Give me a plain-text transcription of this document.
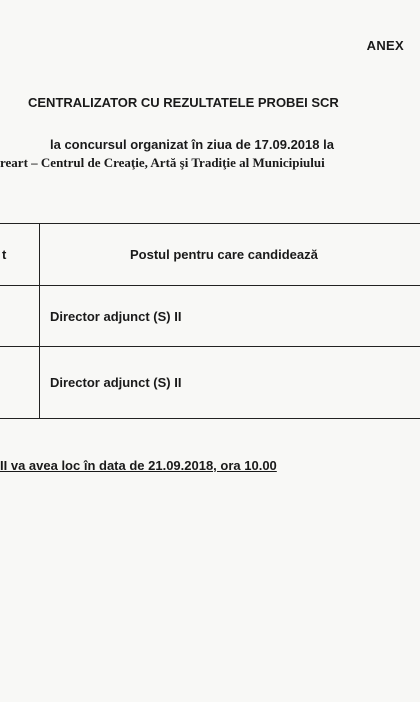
ANEX
CENTRALIZATOR CU REZULTATELE PROBEI SCR
la concursul organizat în ziua de 17.09.2018 la
reart – Centrul de Creaţie, Artă şi Tradiţie al Municipiului
t	Postul pentru care candidează
Director adjunct (S) II
Director adjunct (S) II
II va avea loc în data de 21.09.2018, ora 10.00
